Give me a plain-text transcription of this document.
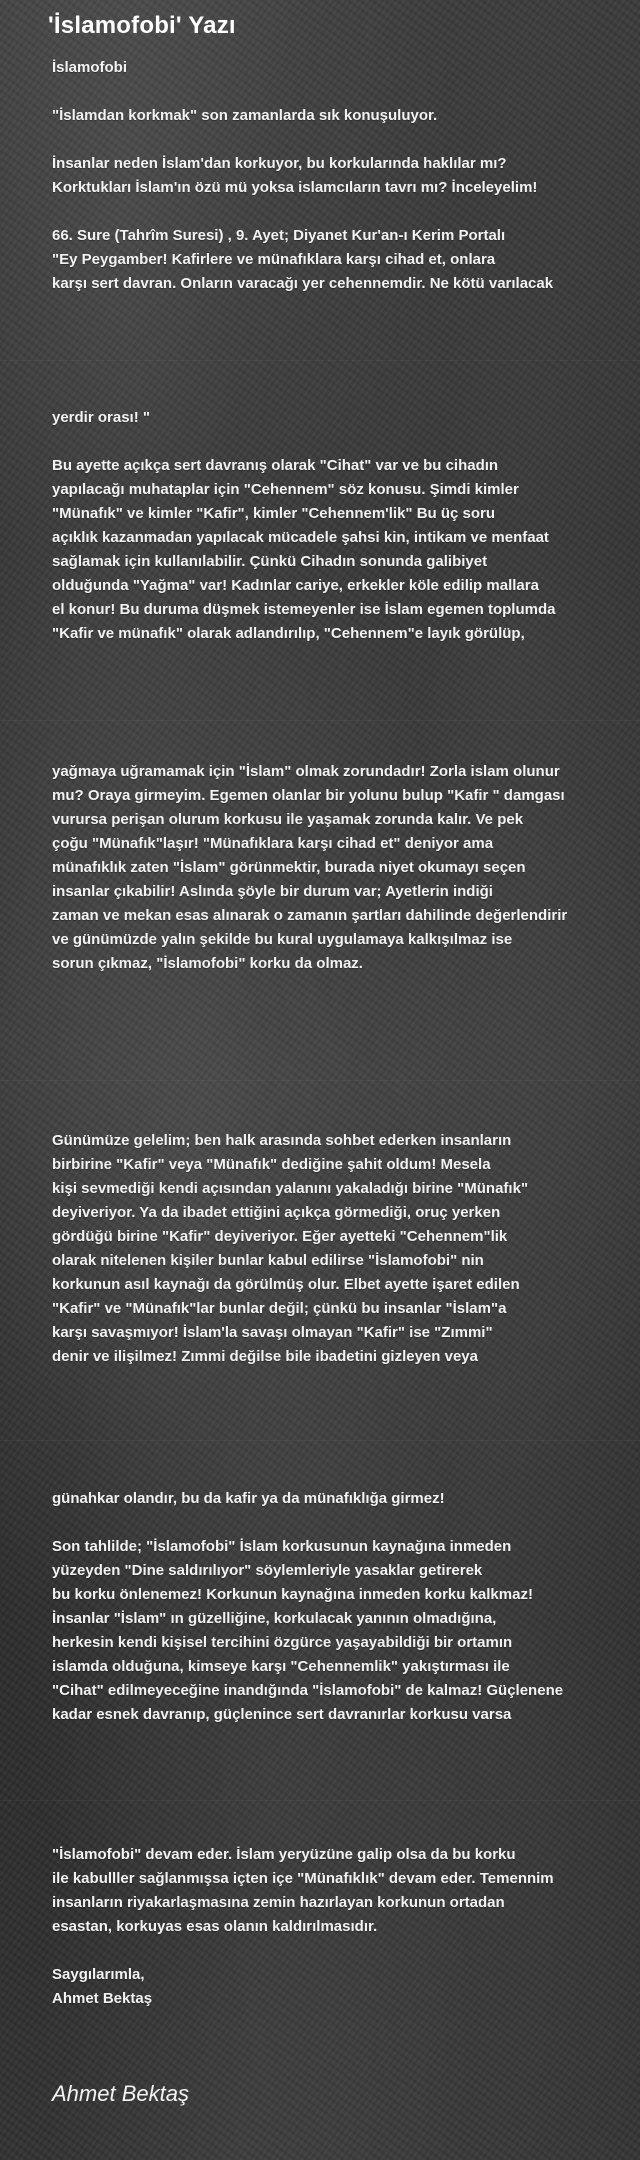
'İslamofobi' Yazı

İslamofobi

"İslamdan korkmak" son zamanlarda sık konuşuluyor.

İnsanlar neden İslam'dan korkuyor, bu korkularında haklılar mı?
Korktukları İslam'ın özü mü yoksa islamcıların tavrı mı? İnceleyelim!

66. Sure (Tahrîm Suresi) , 9. Ayet; Diyanet Kur'an-ı Kerim Portalı
"Ey Peygamber! Kafirlere ve münafıklara karşı cihad et, onlara
karşı sert davran. Onların varacağı yer cehennemdir. Ne kötü varılacak

yerdir orası! "

Bu ayette açıkça sert davranış olarak "Cihat" var ve bu cihadın
yapılacağı muhataplar için "Cehennem" söz konusu. Şimdi kimler
"Münafık" ve kimler "Kafir", kimler "Cehennem'lik" Bu üç soru
açıklık kazanmadan yapılacak mücadele şahsi kin, intikam ve menfaat
sağlamak için kullanılabilir. Çünkü Cihadın sonunda galibiyet
olduğunda "Yağma" var! Kadınlar cariye, erkekler köle edilip mallara
el konur! Bu duruma düşmek istemeyenler ise İslam egemen toplumda
"Kafir ve münafık" olarak adlandırılıp, "Cehennem"e layık görülüp,

yağmaya uğramamak için "İslam" olmak zorundadır! Zorla islam olunur
mu? Oraya girmeyim. Egemen olanlar bir yolunu bulup "Kafir " damgası
vurursa perişan olurum korkusu ile yaşamak zorunda kalır. Ve pek
çoğu "Münafık"laşır! "Münafıklara karşı cihad et" deniyor ama
münafıklık zaten "İslam" görünmektir, burada niyet okumayı seçen
insanlar çıkabilir! Aslında şöyle bir durum var; Ayetlerin indiği
zaman ve mekan esas alınarak o zamanın şartları dahilinde değerlendirir
ve günümüzde yalın şekilde bu kural uygulamaya kalkışılmaz ise
sorun çıkmaz, "İslamofobi" korku da olmaz.

Günümüze gelelim; ben halk arasında sohbet ederken insanların
birbirine "Kafir" veya "Münafık" dediğine şahit oldum! Mesela
kişi sevmediği kendi açısından yalanını yakaladığı birine "Münafık"
deyiveriyor. Ya da ibadet ettiğini açıkça görmediği, oruç yerken
gördüğü birine "Kafir" deyiveriyor. Eğer ayetteki "Cehennem"lik
olarak nitelenen kişiler bunlar kabul edilirse "İslamofobi" nin
korkunun asıl kaynağı da görülmüş olur. Elbet ayette işaret edilen
"Kafir" ve "Münafık"lar bunlar değil; çünkü bu insanlar "İslam"a
karşı savaşmıyor! İslam'la savaşı olmayan "Kafir" ise "Zımmi"
denir ve ilişilmez! Zımmi değilse bile ibadetini gizleyen veya

günahkar olandır, bu da kafir ya da münafıklığa girmez!

Son tahlilde; "İslamofobi" İslam korkusunun kaynağına inmeden
yüzeyden "Dine saldırılıyor" söylemleriyle yasaklar getirerek
bu korku önlenemez! Korkunun kaynağına inmeden korku kalkmaz!
İnsanlar "İslam" ın güzelliğine, korkulacak yanının olmadığına,
herkesin kendi kişisel tercihini özgürce yaşayabildiği bir ortamın
islamda olduğuna, kimseye karşı "Cehennemlik" yakıştırması ile
"Cihat" edilmeyeceğine inandığında "İslamofobi" de kalmaz! Güçlenene
kadar esnek davranıp, güçlenince sert davranırlar korkusu varsa

"İslamofobi" devam eder. İslam yeryüzüne galip olsa da bu korku
ile kabulller sağlanmışsa içten içe "Münafıklık" devam eder. Temennim
insanların riyakarlaşmasına zemin hazırlayan korkunun ortadan
esastan, korkuyas esas olanın kaldırılmasıdır.

Saygılarımla,
Ahmet Bektaş

Ahmet Bektaş
